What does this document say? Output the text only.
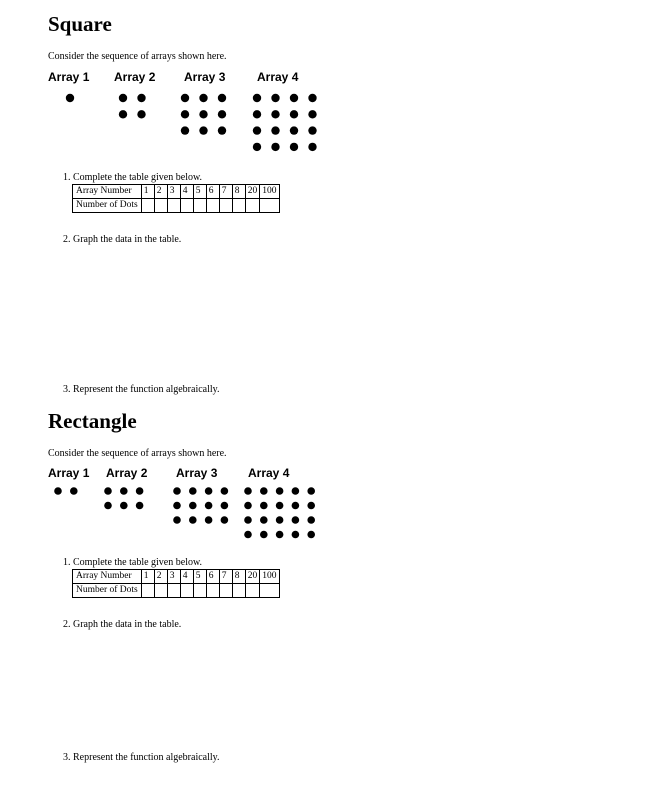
Square
Consider the sequence of arrays shown here.
Array 1 Array 2 Array 3	Array 4
1. Complete the table given below.
Array Number	1	2	3	4	5	6	7	8	20	100
Number of Dots										
2. Graph the data in the table.
3. Represent the function algebraically.
Rectangle
Consider the sequence of arrays shown here.
Array 1 Array 2 Array 3	Array 4
1. Complete the table given below.
Array Number	1	2	3	4	5	6	7	8	20	100
Number of Dots										
2. Graph the data in the table.
3. Represent the function algebraically.
